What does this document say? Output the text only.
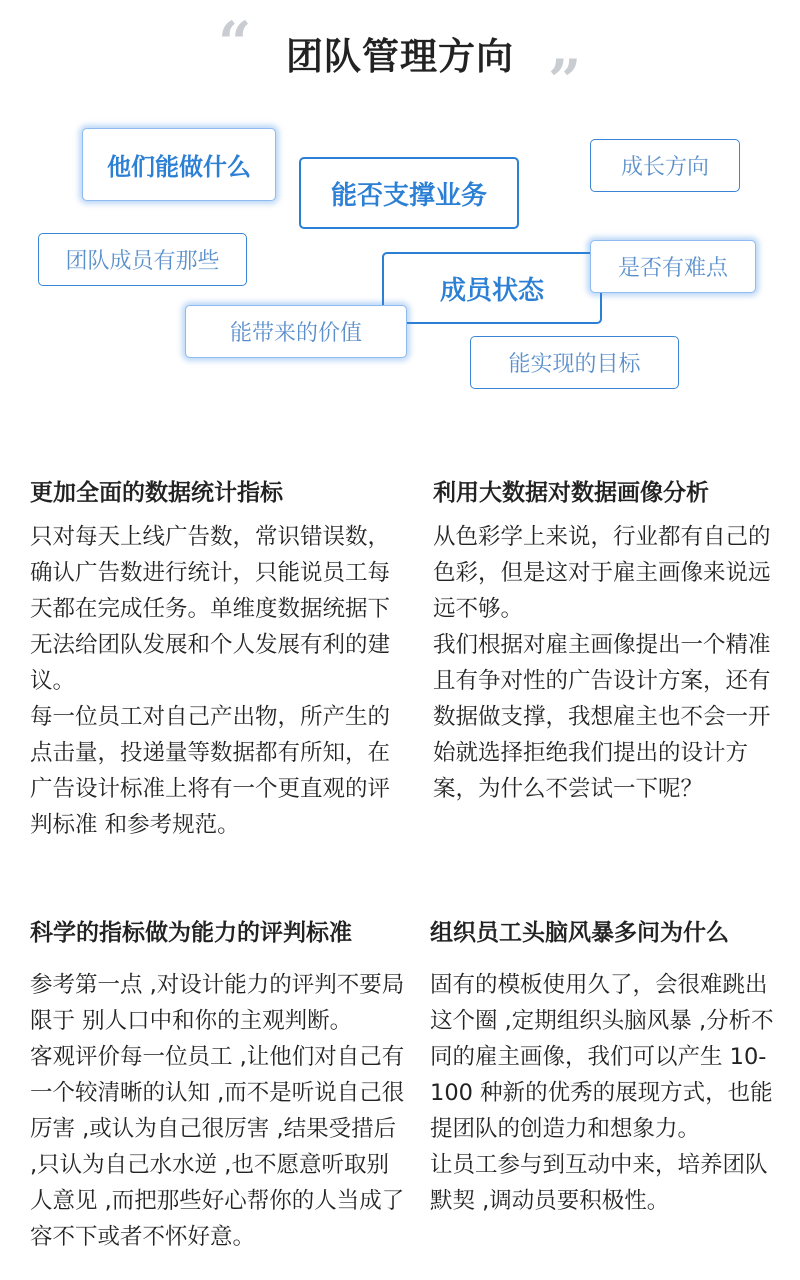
“ 团队管理方向 ”
他们能做什么
能否支撑业务
成长方向
团队成员有那些
成员状态
是否有难点
能带来的价值
能实现的目标
更加全面的数据统计指标

只对每天上线广告数，常识错误数，确认广告数进行统计，只能说员工每天都在完成任务。单维度数据统据下无法给团队发展和个人发展有利的建议。

每一位员工对自己产出物，所产生的点击量，投递量等数据都有所知，在广告设计标准上将有一个更直观的评判标准 和参考规范。

利用大数据对数据画像分析

从色彩学上来说，行业都有自己的色彩，但是这对于雇主画像来说远远不够。

我们根据对雇主画像提出一个精准且有争对性的广告设计方案，还有数据做支撑，我想雇主也不会一开始就选择拒绝我们提出的设计方案，为什么不尝试一下呢？

科学的指标做为能力的评判标准

参考第一点 ,对设计能力的评判不要局限于 别人口中和你的主观判断。

客观评价每一位员工 ,让他们对自己有一个较清晰的认知 ,而不是听说自己很厉害 ,或认为自己很厉害 ,结果受措后 ,只认为自己水水逆 ,也不愿意听取别人意见 ,而把那些好心帮你的人当成了容不下或者不怀好意。

组织员工头脑风暴多问为什么

固有的模板使用久了，会很难跳出这个圈 ,定期组织头脑风暴 ,分析不同的雇主画像，我们可以产生 10-100 种新的优秀的展现方式，也能提团队的创造力和想象力。

让员工参与到互动中来，培养团队默契 ,调动员要积极性。
